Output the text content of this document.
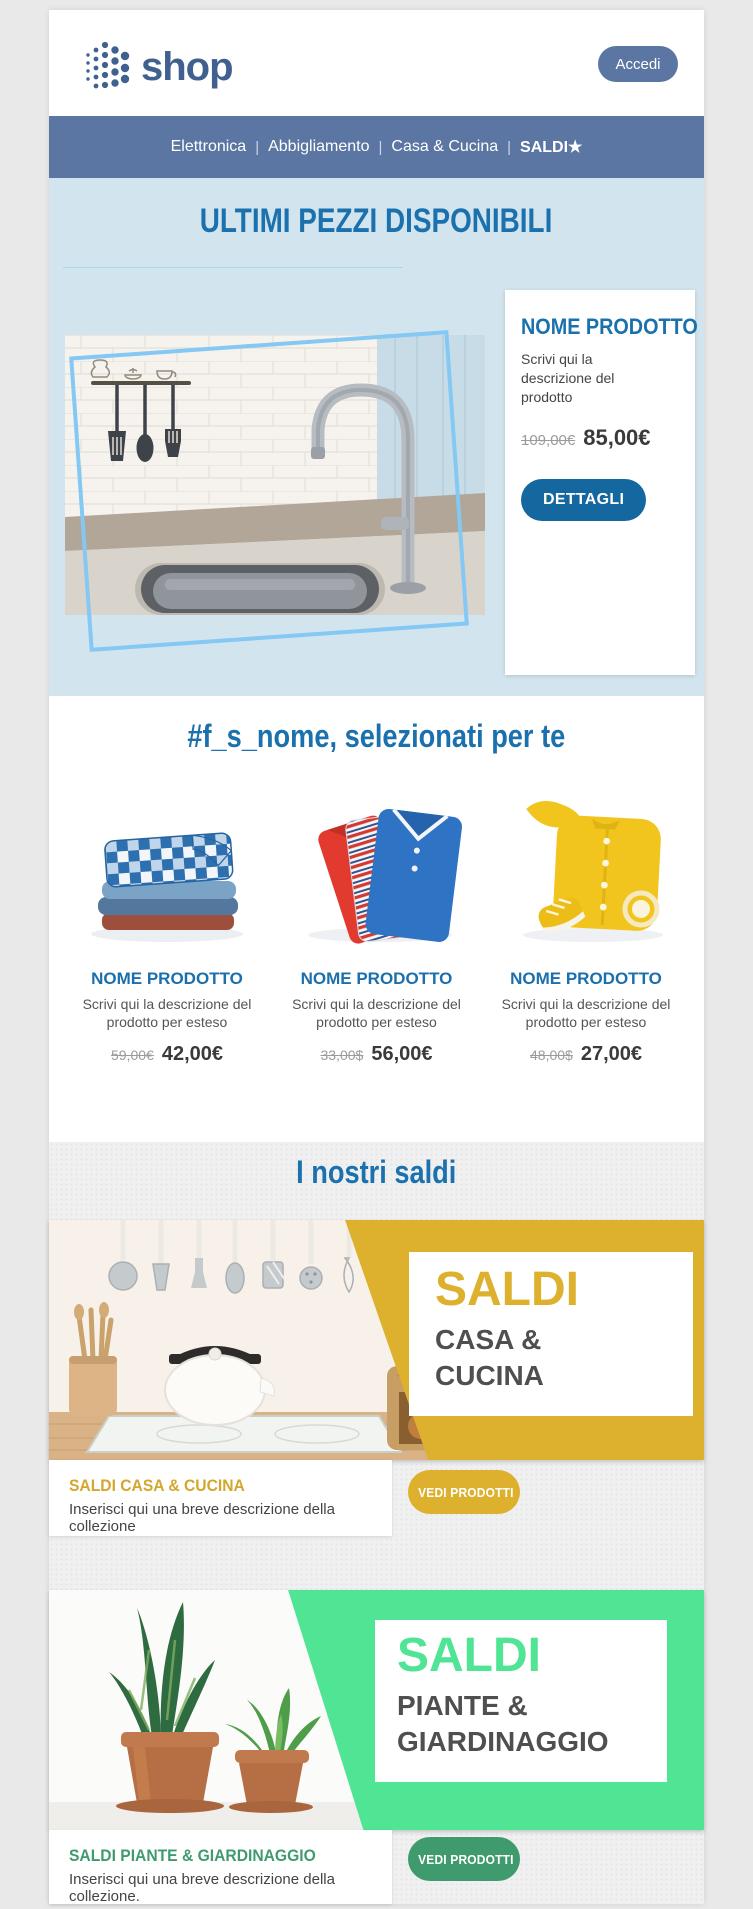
shop	Accedi
Elettronica | Abbigliamento | Casa & Cucina | SALDI★
ULTIMI PEZZI DISPONIBILI
NOME PRODOTTO
Scrivi qui la descrizione del prodotto
109,00€ 85,00€
DETTAGLI
#f_s_nome, selezionati per te
NOME PRODOTTO
Scrivi qui la descrizione del prodotto per esteso
59,00€ 42,00€
NOME PRODOTTO
Scrivi qui la descrizione del prodotto per esteso
33,00$ 56,00€
NOME PRODOTTO
Scrivi qui la descrizione del prodotto per esteso
48,00$ 27,00€
I nostri saldi
SALDI
CASA &
CUCINA
SALDI CASA & CUCINA
Inserisci qui una breve descrizione della collezione
VEDI PRODOTTI
SALDI
PIANTE &
GIARDINAGGIO
SALDI PIANTE & GIARDINAGGIO
Inserisci qui una breve descrizione della collezione.
VEDI PRODOTTI
